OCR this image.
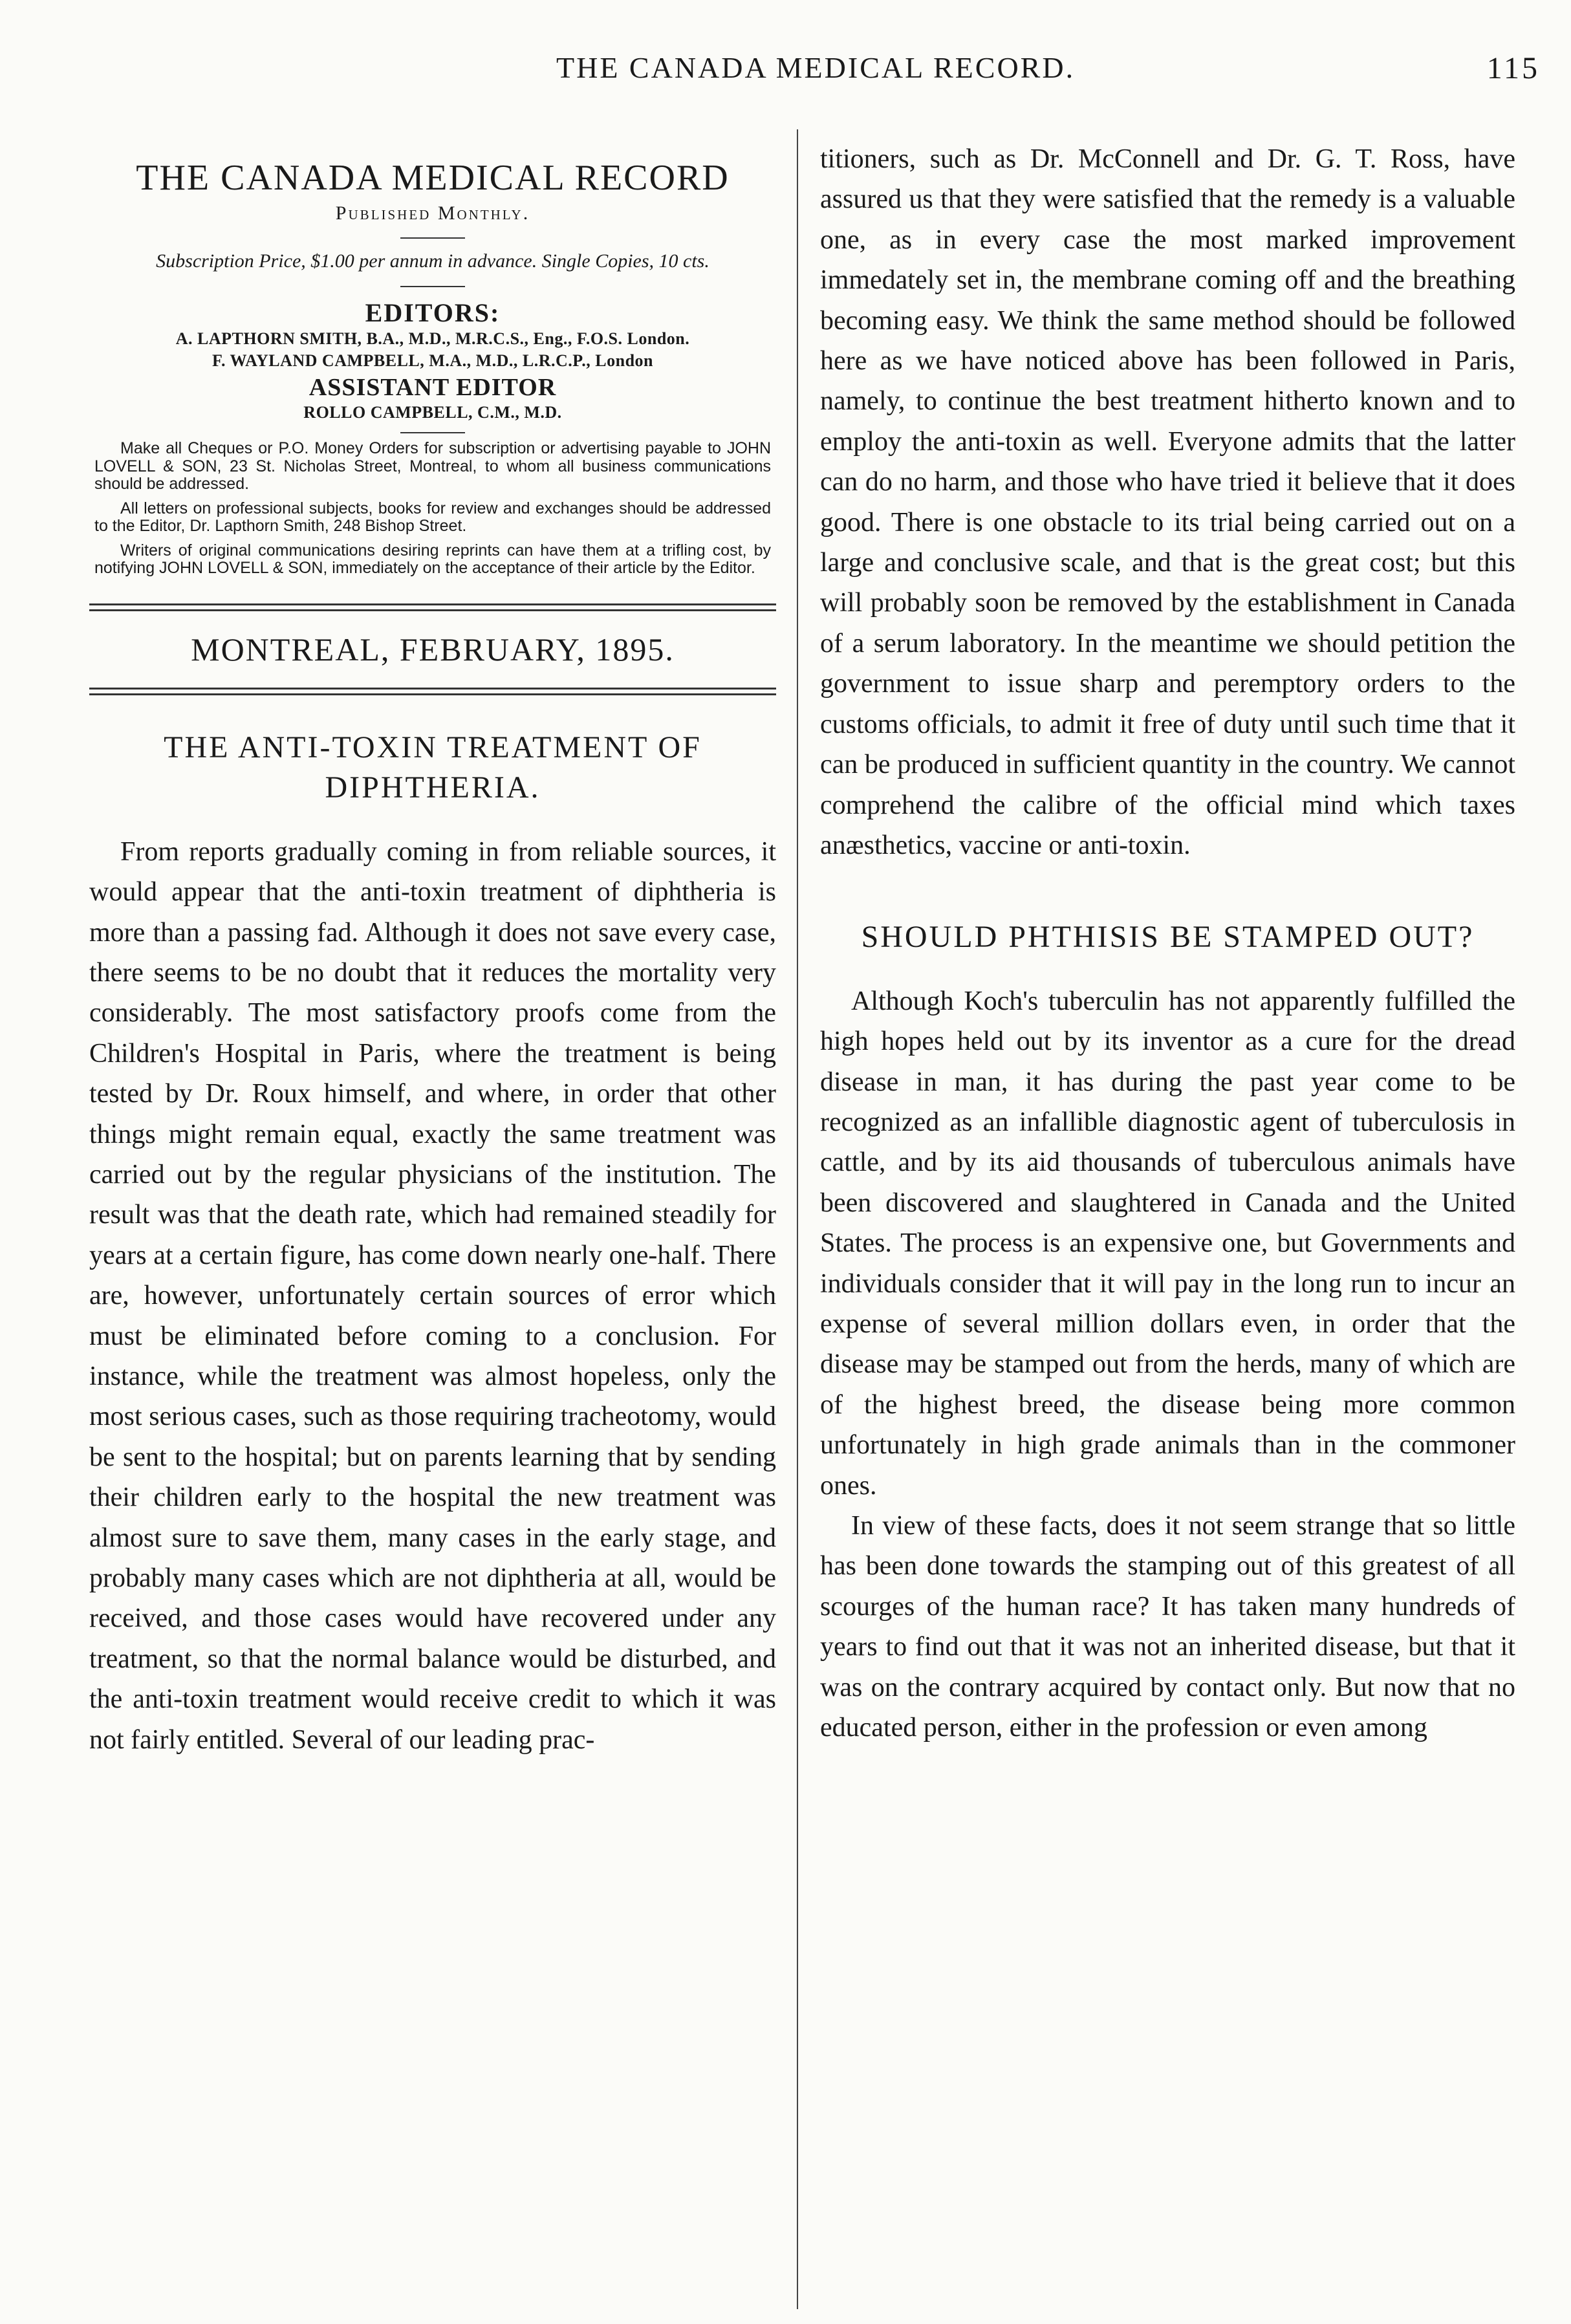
THE CANADA MEDICAL RECORD.	115
THE CANADA MEDICAL RECORD
Published Monthly.
Subscription Price, $1.00 per annum in advance. Single Copies, 10 cts.
EDITORS:
A. LAPTHORN SMITH, B.A., M.D., M.R.C.S., Eng., F.O.S. London.
F. WAYLAND CAMPBELL, M.A., M.D., L.R.C.P., London
ASSISTANT EDITOR
ROLLO CAMPBELL, C.M., M.D.

Make all Cheques or P.O. Money Orders for subscription or advertising payable to JOHN LOVELL & SON, 23 St. Nicholas Street, Montreal, to whom all business communications should be addressed.

All letters on professional subjects, books for review and exchanges should be addressed to the Editor, Dr. Lapthorn Smith, 248 Bishop Street.

Writers of original communications desiring reprints can have them at a trifling cost, by notifying JOHN LOVELL & SON, immediately on the acceptance of their article by the Editor.

MONTREAL, FEBRUARY, 1895.
THE ANTI-TOXIN TREATMENT OF DIPHTHERIA.

From reports gradually coming in from reliable sources, it would appear that the anti-toxin treatment of diphtheria is more than a passing fad. Although it does not save every case, there seems to be no doubt that it reduces the mortality very considerably. The most satisfactory proofs come from the Children's Hospital in Paris, where the treatment is being tested by Dr. Roux himself, and where, in order that other things might remain equal, exactly the same treatment was carried out by the regular physicians of the institution. The result was that the death rate, which had remained steadily for years at a certain figure, has come down nearly one-half. There are, however, unfortunately certain sources of error which must be eliminated before coming to a conclusion. For instance, while the treatment was almost hopeless, only the most serious cases, such as those requiring tracheotomy, would be sent to the hospital; but on parents learning that by sending their children early to the hospital the new treatment was almost sure to save them, many cases in the early stage, and probably many cases which are not diphtheria at all, would be received, and those cases would have recovered under any treatment, so that the normal balance would be disturbed, and the anti-toxin treatment would receive credit to which it was not fairly entitled. Several of our leading prac-

titioners, such as Dr. McConnell and Dr. G. T. Ross, have assured us that they were satisfied that the remedy is a valuable one, as in every case the most marked improvement immedately set in, the membrane coming off and the breathing becoming easy. We think the same method should be followed here as we have noticed above has been followed in Paris, namely, to continue the best treatment hitherto known and to employ the anti-toxin as well. Everyone admits that the latter can do no harm, and those who have tried it believe that it does good. There is one obstacle to its trial being carried out on a large and conclusive scale, and that is the great cost; but this will probably soon be removed by the establishment in Canada of a serum laboratory. In the meantime we should petition the government to issue sharp and peremptory orders to the customs officials, to admit it free of duty until such time that it can be produced in sufficient quantity in the country. We cannot comprehend the calibre of the official mind which taxes anæsthetics, vaccine or anti-toxin.

SHOULD PHTHISIS BE STAMPED OUT?

Although Koch's tuberculin has not apparently fulfilled the high hopes held out by its inventor as a cure for the dread disease in man, it has during the past year come to be recognized as an infallible diagnostic agent of tuberculosis in cattle, and by its aid thousands of tuberculous animals have been discovered and slaughtered in Canada and the United States. The process is an expensive one, but Governments and individuals consider that it will pay in the long run to incur an expense of several million dollars even, in order that the disease may be stamped out from the herds, many of which are of the highest breed, the disease being more common unfortunately in high grade animals than in the commoner ones.

In view of these facts, does it not seem strange that so little has been done towards the stamping out of this greatest of all scourges of the human race? It has taken many hundreds of years to find out that it was not an inherited disease, but that it was on the contrary acquired by contact only. But now that no educated person, either in the profession or even among
